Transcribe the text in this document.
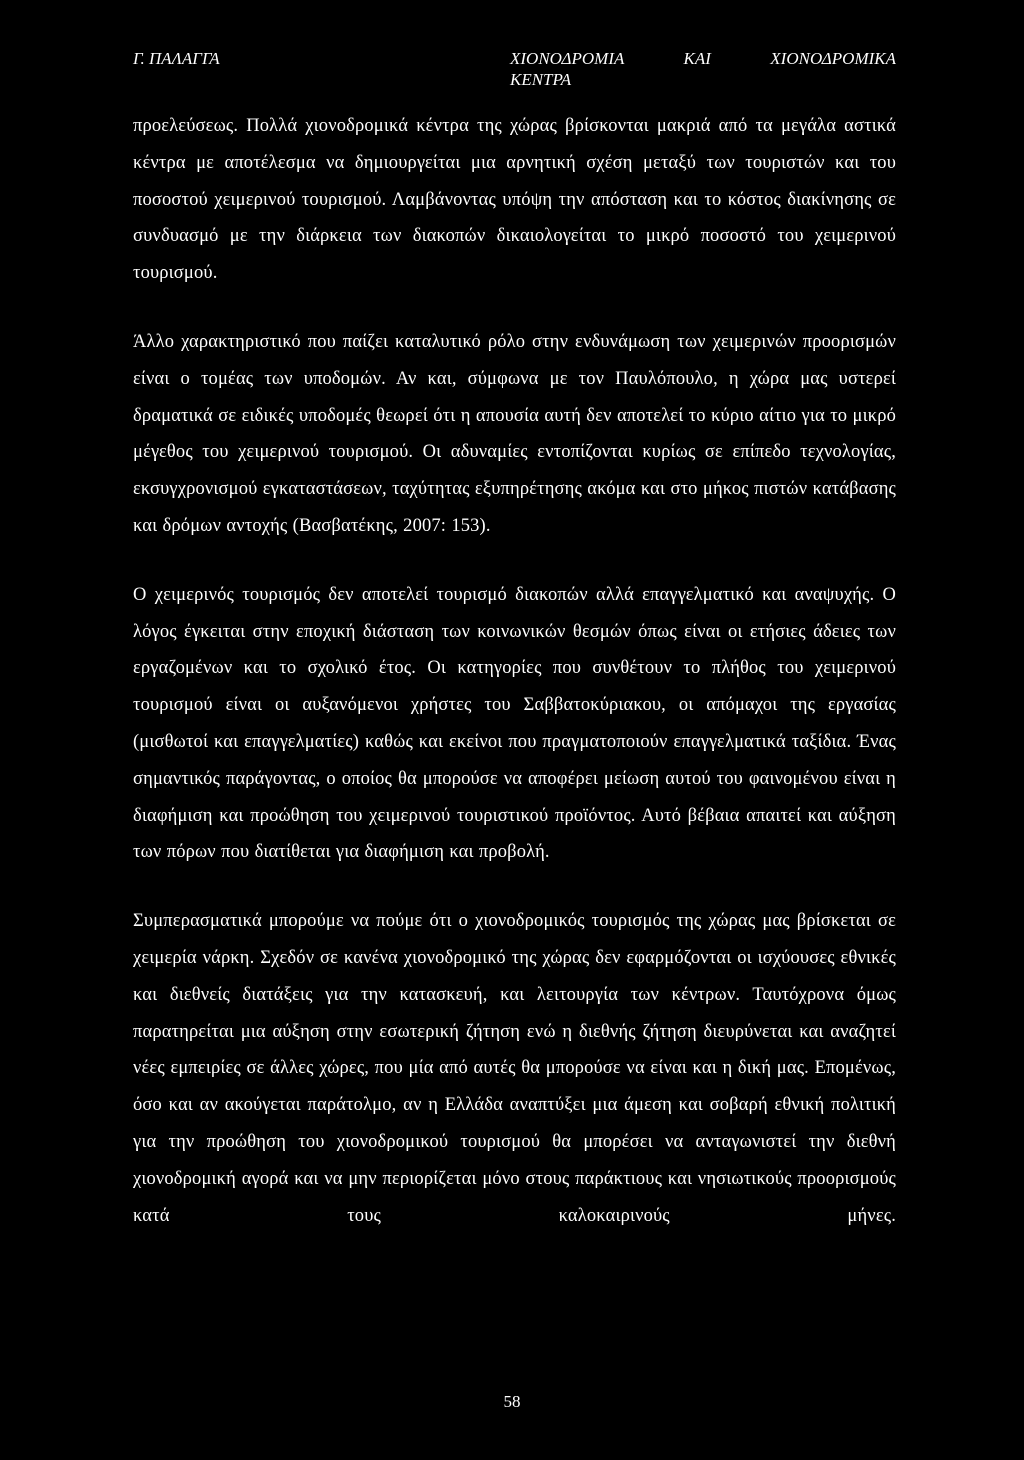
Γ. ΠΑΛΑΓΓΑ	ΧΙΟΝΟΔΡΟΜΙΑ ΚΑΙ ΧΙΟΝΟΔΡΟΜΙΚΑ
ΚΕΝΤΡΑ

προελεύσεως. Πολλά χιονοδρομικά κέντρα της χώρας βρίσκονται μακριά από τα μεγάλα αστικά κέντρα με αποτέλεσμα να δημιουργείται μια αρνητική σχέση μεταξύ των τουριστών και του ποσοστού χειμερινού τουρισμού. Λαμβάνοντας υπόψη την απόσταση και το κόστος διακίνησης σε συνδυασμό με την διάρκεια των διακοπών δικαιολογείται το μικρό ποσοστό του χειμερινού τουρισμού.

Άλλο χαρακτηριστικό που παίζει καταλυτικό ρόλο στην ενδυνάμωση των χειμερινών προορισμών είναι ο τομέας των υποδομών. Αν και, σύμφωνα με τον Παυλόπουλο, η χώρα μας υστερεί δραματικά σε ειδικές υποδομές θεωρεί ότι η απουσία αυτή δεν αποτελεί το κύριο αίτιο για το μικρό μέγεθος του χειμερινού τουρισμού. Οι αδυναμίες εντοπίζονται κυρίως σε επίπεδο τεχνολογίας, εκσυγχρονισμού εγκαταστάσεων, ταχύτητας εξυπηρέτησης ακόμα και στο μήκος πιστών κατάβασης και δρόμων αντοχής (Βασβατέκης, 2007: 153).

Ο χειμερινός τουρισμός δεν αποτελεί τουρισμό διακοπών αλλά επαγγελματικό και αναψυχής. Ο λόγος έγκειται στην εποχική διάσταση των κοινωνικών θεσμών όπως είναι οι ετήσιες άδειες των εργαζομένων και το σχολικό έτος. Οι κατηγορίες που συνθέτουν το πλήθος του χειμερινού τουρισμού είναι οι αυξανόμενοι χρήστες του Σαββατοκύριακου, οι απόμαχοι της εργασίας (μισθωτοί και επαγγελματίες) καθώς και εκείνοι που πραγματοποιούν επαγγελματικά ταξίδια. Ένας σημαντικός παράγοντας, ο οποίος θα μπορούσε να αποφέρει μείωση αυτού του φαινομένου είναι η διαφήμιση και προώθηση του χειμερινού τουριστικού προϊόντος. Αυτό βέβαια απαιτεί και αύξηση των πόρων που διατίθεται για διαφήμιση και προβολή.

Συμπερασματικά μπορούμε να πούμε ότι ο χιονοδρομικός τουρισμός της χώρας μας βρίσκεται σε χειμερία νάρκη. Σχεδόν σε κανένα χιονοδρομικό της χώρας δεν εφαρμόζονται οι ισχύουσες εθνικές και διεθνείς διατάξεις για την κατασκευή, και λειτουργία των κέντρων. Ταυτόχρονα όμως παρατηρείται μια αύξηση στην εσωτερική ζήτηση ενώ η διεθνής ζήτηση διευρύνεται και αναζητεί νέες εμπειρίες σε άλλες χώρες, που μία από αυτές θα μπορούσε να είναι και η δική μας. Επομένως, όσο και αν ακούγεται παράτολμο, αν η Ελλάδα αναπτύξει μια άμεση και σοβαρή εθνική πολιτική για την προώθηση του χιονοδρομικού τουρισμού θα μπορέσει να ανταγωνιστεί την διεθνή χιονοδρομική αγορά και να μην περιορίζεται μόνο στους παράκτιους και νησιωτικούς προορισμούς κατά τους καλοκαιρινούς μήνες.

58
